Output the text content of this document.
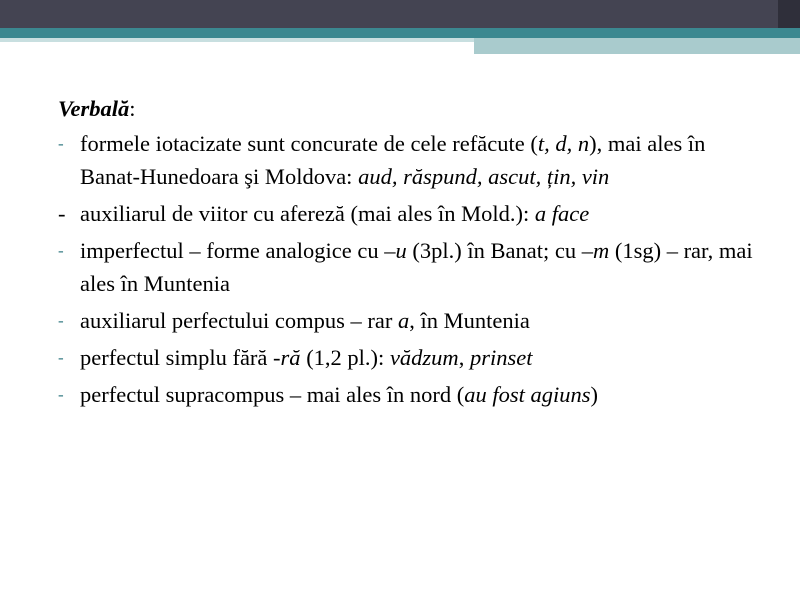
Verbală:
- formele iotacizate sunt concurate de cele refăcute (t, d, n), mai ales în Banat-Hunedoara şi Moldova: aud, răspund, ascut, țin, vin
- auxiliarul de viitor cu afereză (mai ales în Mold.): a face
- imperfectul – forme analogice cu –u (3pl.) în Banat; cu –m (1sg) – rar, mai ales în Muntenia
- auxiliarul perfectului compus – rar a, în Muntenia
- perfectul simplu fără -ră (1,2 pl.): vădzum, prinset
- perfectul supracompus – mai ales în nord (au fost agiuns)
